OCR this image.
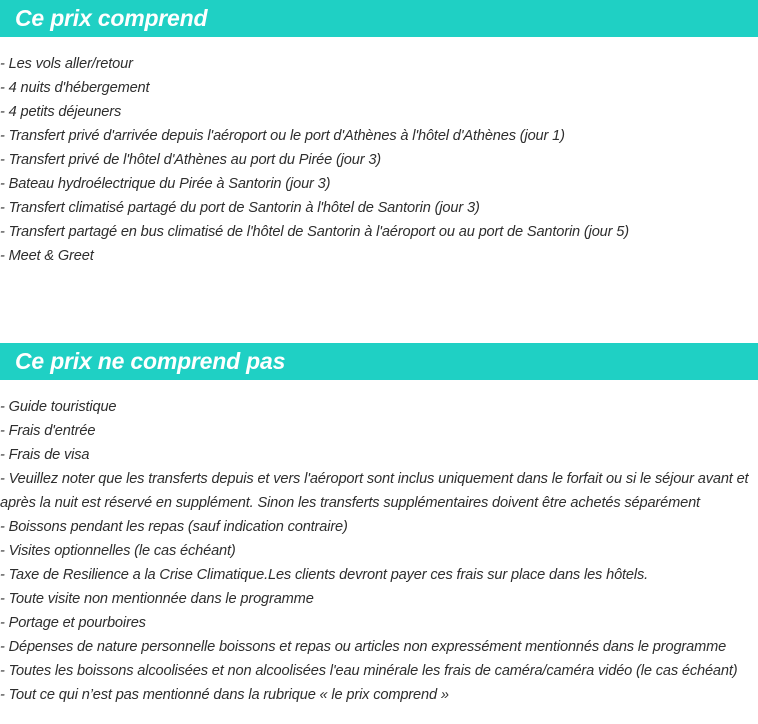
Ce prix comprend
- Les vols aller/retour
- 4 nuits d'hébergement
- 4 petits déjeuners
- Transfert privé d'arrivée depuis l'aéroport ou le port d'Athènes à l'hôtel d'Athènes (jour 1)
- Transfert privé de l'hôtel d'Athènes au port du Pirée (jour 3)
- Bateau hydroélectrique du Pirée à Santorin (jour 3)
- Transfert climatisé partagé du port de Santorin à l'hôtel de Santorin (jour 3)
- Transfert partagé en bus climatisé de l'hôtel de Santorin à l'aéroport ou au port de Santorin (jour 5)
- Meet & Greet
Ce prix ne comprend pas
- Guide touristique
- Frais d'entrée
- Frais de visa
- Veuillez noter que les transferts depuis et vers l'aéroport sont inclus uniquement dans le forfait ou si le séjour avant et après la nuit est réservé en supplément. Sinon les transferts supplémentaires doivent être achetés séparément
- Boissons pendant les repas (sauf indication contraire)
- Visites optionnelles (le cas échéant)
- Taxe de Resilience a la Crise Climatique.Les clients devront payer ces frais sur place dans les hôtels.
- Toute visite non mentionnée dans le programme
- Portage et pourboires
- Dépenses de nature personnelle boissons et repas ou articles non expressément mentionnés dans le programme
- Toutes les boissons alcoolisées et non alcoolisées l'eau minérale les frais de caméra/caméra vidéo (le cas échéant)
- Tout ce qui n’est pas mentionné dans la rubrique « le prix comprend »
